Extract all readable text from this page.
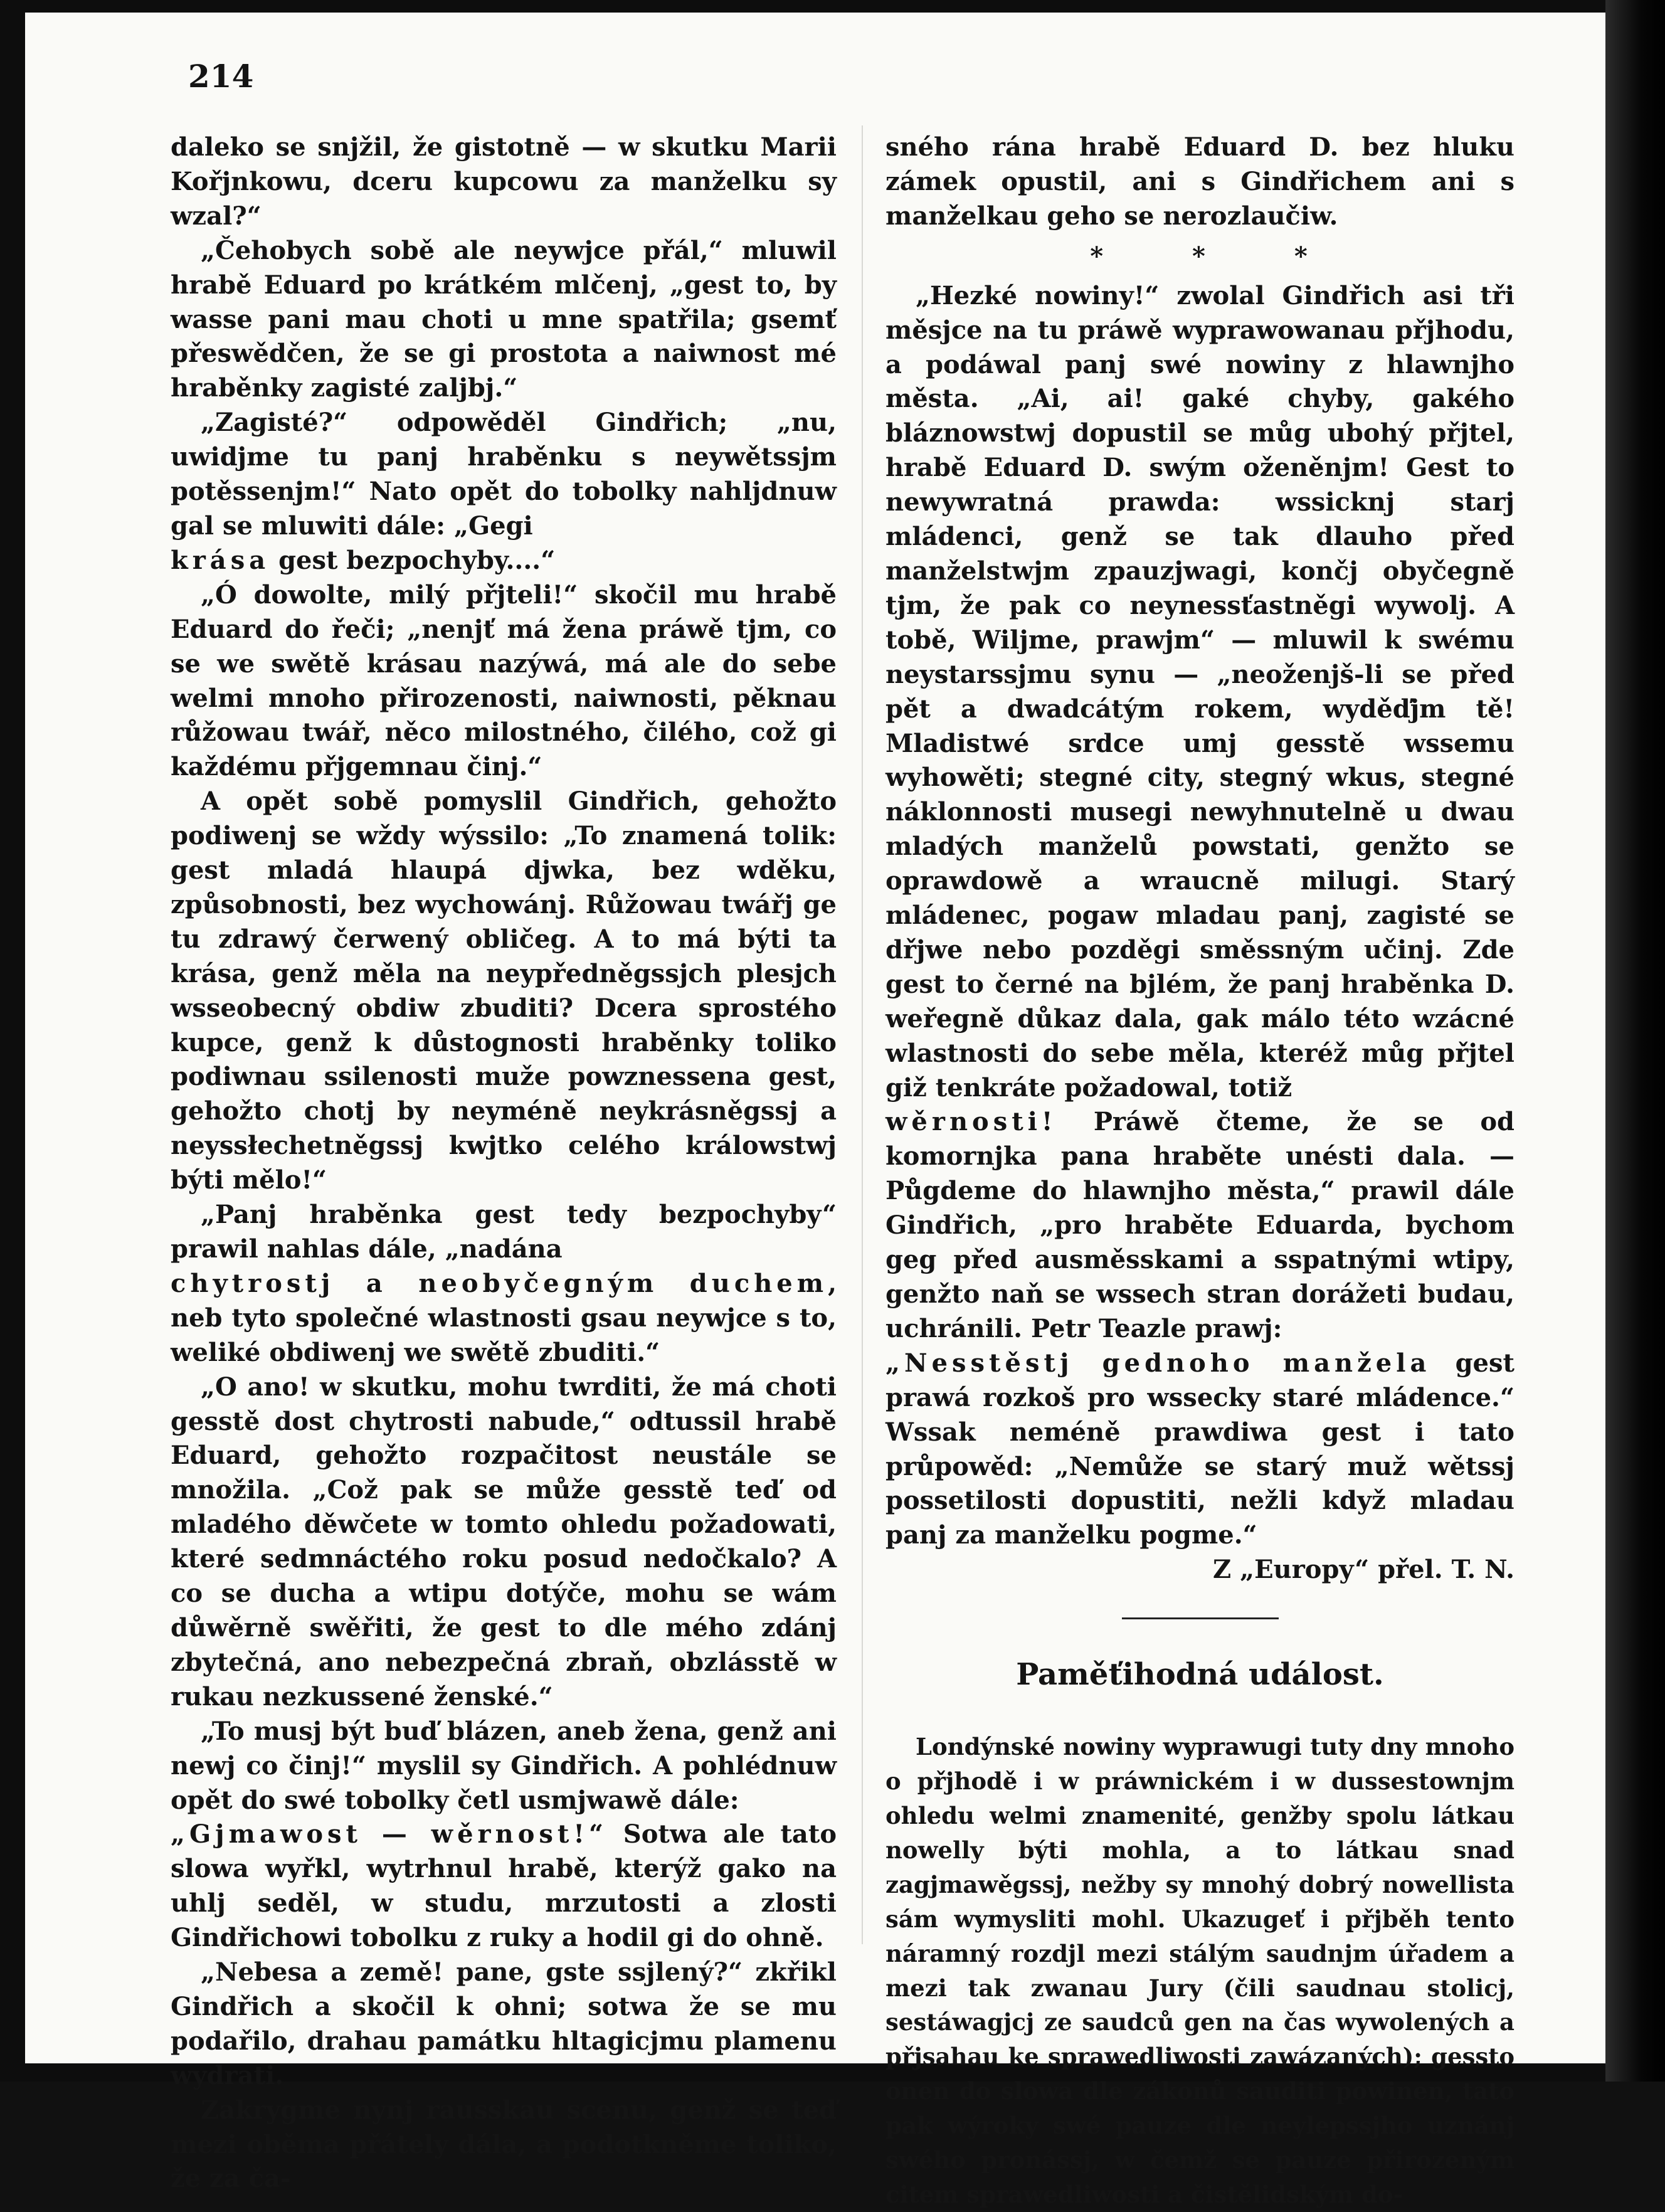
214

daleko se snjžil, že gistotně — w skutku Marii Kořjnkowu, dceru kupcowu za manželku sy wzal?“

„Čehobych sobě ale neywjce přál,“ mluwil hrabě Eduard po krátkém mlčenj, „gest to, by wasse pani mau choti u mne spatřila; gsemť přeswědčen, že se gi prostota a naiwnost mé hraběnky zagisté zaljbj.“

„Zagisté?“ odpowěděl Gindřich; „nu, uwidjme tu panj hraběnku s neywětssjm potěssenjm!“ Nato opět do tobolky nahljdnuw gal se mluwiti dále: „Gegi

krása gest bezpochyby....“

„Ó dowolte, milý přjteli!“ skočil mu hrabě Eduard do řeči; „nenjť má žena práwě tjm, co se we swětě krásau nazýwá, má ale do sebe welmi mnoho přirozenosti, naiwnosti, pěknau růžowau twář, něco milostného, čilého, což gi každému přjgemnau činj.“

A opět sobě pomyslil Gindřich, gehožto podiwenj se wždy wýssilo: „To znamená tolik: gest mladá hlaupá djwka, bez wděku, způsobnosti, bez wychowánj. Růžowau twářj ge tu zdrawý čerwený obličeg. A to má býti ta krása, genž měla na neypředněgssjch plesjch wsseobecný obdiw zbuditi? Dcera sprostého kupce, genž k důstognosti hraběnky toliko podiwnau ssilenosti muže powznessena gest, gehožto chotj by neyméně neykrásněgssj a neyssłechetněgssj kwjtko celého králowstwj býti mělo!“

„Panj hraběnka gest tedy bezpochyby“ prawil nahlas dále, „nadána

chytrostj a neobyčegným duchem, neb tyto společné wlastnosti gsau neywjce s to, weliké obdiwenj we swětě zbuditi.“

„O ano! w skutku, mohu twrditi, že má choti gesstě dost chytrosti nabude,“ odtussil hrabě Eduard, gehožto rozpačitost neustále se množila. „Což pak se může gesstě teď od mladého děwčete w tomto ohledu požadowati, které sedmnáctého roku posud nedočkalo? A co se ducha a wtipu dotýče, mohu se wám důwěrně swěřiti, že gest to dle mého zdánj zbytečná, ano nebezpečná zbraň, obzlásstě w rukau nezkussené ženské.“

„To musj být buď blázen, aneb žena, genž ani newj co činj!“ myslil sy Gindřich. A pohlédnuw opět do swé tobolky četl usmjwawě dále:

„Gjmawost — wěrnost!“ Sotwa ale tato slowa wyřkl, wytrhnul hrabě, kterýž gako na uhlj seděl, w studu, mrzutosti a zlosti Gindřichowi tobolku z ruky a hodil gi do ohně.

„Nebesa a země! pane, gste ssjlený?“ zkřikl Gindřich a skočil k ohni; sotwa že se mu podařilo, drahau památku hltagicjmu plamenu wydrati.

Zakrygme nynj rausskau scenu, genž se teď mezi oběma přátely dála, a podotkněme toliko, že za ča-

sného rána hrabě Eduard D. bez hluku zámek opustil, ani s Gindřichem ani s manželkau geho se nerozlaučiw.

* * *

„Hezké nowiny!“ zwolal Gindřich asi tři měsjce na tu práwě wyprawowanau přjhodu, a podáwal panj swé nowiny z hlawnjho města. „Ai, ai! gaké chyby, gakého bláznowstwj dopustil se můg ubohý přjtel, hrabě Eduard D. swým oženěnjm! Gest to newywratná prawda: wssicknj starj mládenci, genž se tak dlauho před manželstwjm zpauzjwagi, končj obyčegně tjm, že pak co neynessťastněgi wywolj. A tobě, Wiljme, prawjm“ — mluwil k swému neystarssjmu synu — „neoženjš-li se před pět a dwadcátým rokem, wyděďjm tě! Mladistwé srdce umj gesstě wssemu wyhowěti; stegné city, stegný wkus, stegné náklonnosti musegi newyhnutelně u dwau mladých manželů powstati, genžto se oprawdowě a wraucně milugi. Starý mládenec, pogaw mladau panj, zagisté se dřjwe nebo pozděgi směssným učinj. Zde gest to černé na bjlém, že panj hraběnka D. weřegně důkaz dala, gak málo této wzácné wlastnosti do sebe měla, kteréž můg přjtel giž tenkráte požadowal, totiž

wěrnosti! Práwě čteme, že se od komornjka pana hraběte unésti dala. — Půgdeme do hlawnjho města,“ prawil dále Gindřich, „pro hraběte Eduarda, bychom geg před ausměsskami a sspatnými wtipy, genžto naň se wssech stran dorážeti budau, uchránili. Petr Teazle prawj:

„Nesstěstj gednoho manžela gest prawá rozkoš pro wssecky staré mládence.“ Wssak neméně prawdiwa gest i tato průpowěd: „Nemůže se starý muž wětssj possetilosti dopustiti, nežli když mladau panj za manželku pogme.“

Z „Europy“ přel. T. N.
Paměťihodná událost.

Londýnské nowiny wyprawugi tuty dny mnoho o přjhodě i w práwnickém i w dussestownjm ohledu welmi znamenité, genžby spolu látkau nowelly býti mohla, a to látkau snad zagjmawěgssj, nežby sy mnohý dobrý nowellista sám wymysliti mohl. Ukazugeť i přjběh tento náramný rozdjl mezi stálým saudnjm úřadem a mezi tak zwanau Jury (čili saudnau stolicj, sestáwagjcj ze saudců gen na čas wywolených a přjsahau ke sprawedliwosti zawázaných); gessto onen do slowa dle zákonů sauditi powinen, tato pak wýroky swé pauze dle neylepssjho uznánj swého pronássj, w čemž se pauze přirozeným citem sprawedliwosti a čistělidským do-
